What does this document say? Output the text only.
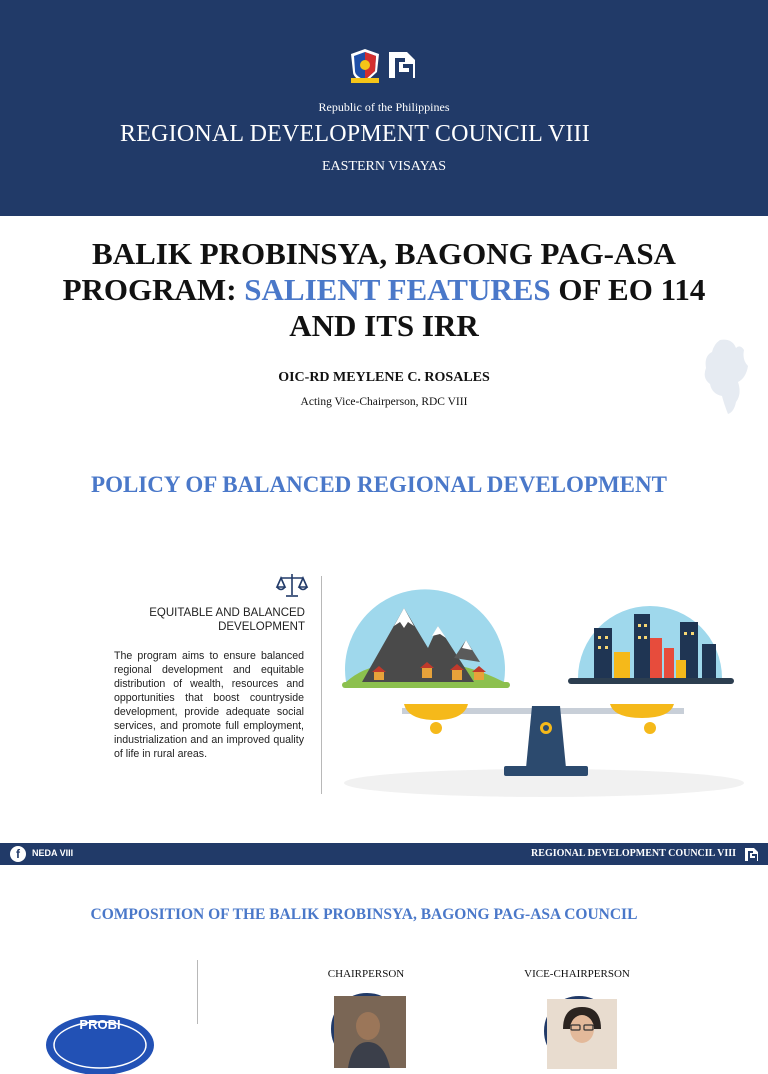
Republic of the Philippines
REGIONAL DEVELOPMENT COUNCIL VIII
EASTERN VISAYAS
BALIK PROBINSYA, BAGONG PAG-ASA
PROGRAM: SALIENT FEATURES OF EO 114
AND ITS IRR
OIC-RD MEYLENE C. ROSALES
Acting Vice-Chairperson, RDC VIII
POLICY OF BALANCED REGIONAL DEVELOPMENT
EQUITABLE AND BALANCED
DEVELOPMENT
The program aims to ensure balanced regional development and equitable distribution of wealth, resources and opportunities that boost countryside development, provide adequate social services, and promote full employment, industrialization and an improved quality of life in rural areas.
f	NEDA VIII	REGIONAL DEVELOPMENT COUNCIL VIII
COMPOSITION OF THE BALIK PROBINSYA, BAGONG PAG-ASA COUNCIL
PROBI
CHAIRPERSON	VICE-CHAIRPERSON
